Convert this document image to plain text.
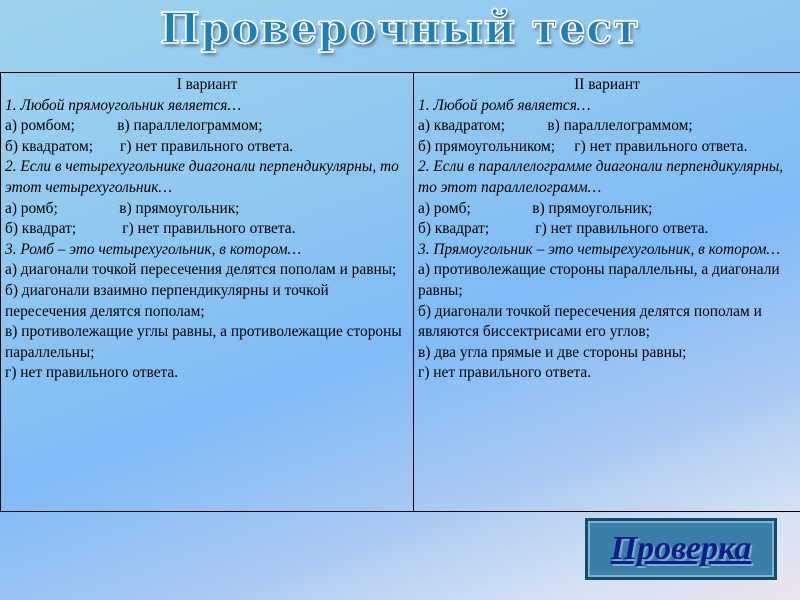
Проверочный тест
I вариант
1. Любой прямоугольник является…
а) ромбом;           в) параллелограммом;
б) квадратом;       г) нет правильного ответа.
2. Если в четырехугольнике диагонали перпендикулярны, то этот четырехугольник…
а) ромб;                в) прямоугольник;
б) квадрат;            г) нет правильного ответа.
3. Ромб – это четырехугольник, в котором…
а) диагонали точкой пересечения делятся пополам и равны;
б) диагонали взаимно перпендикулярны и точкой пересечения делятся пополам;
в) противолежащие углы равны, а противолежащие стороны параллельны;
г) нет правильного ответа.

II вариант
1. Любой ромб является…
а) квадратом;           в) параллелограммом;
б) прямоугольником;     г) нет правильного ответа.
2. Если в параллелограмме диагонали перпендикулярны, то этот параллелограмм…
а) ромб;                в) прямоугольник;
б) квадрат;            г) нет правильного ответа.
3. Прямоугольник – это четырехугольник, в котором…
а) противолежащие стороны параллельны, а диагонали равны;
б) диагонали точкой пересечения делятся пополам и являются биссектрисами его углов;
в) два угла прямые и две стороны равны;
г) нет правильного ответа.
Проверка
